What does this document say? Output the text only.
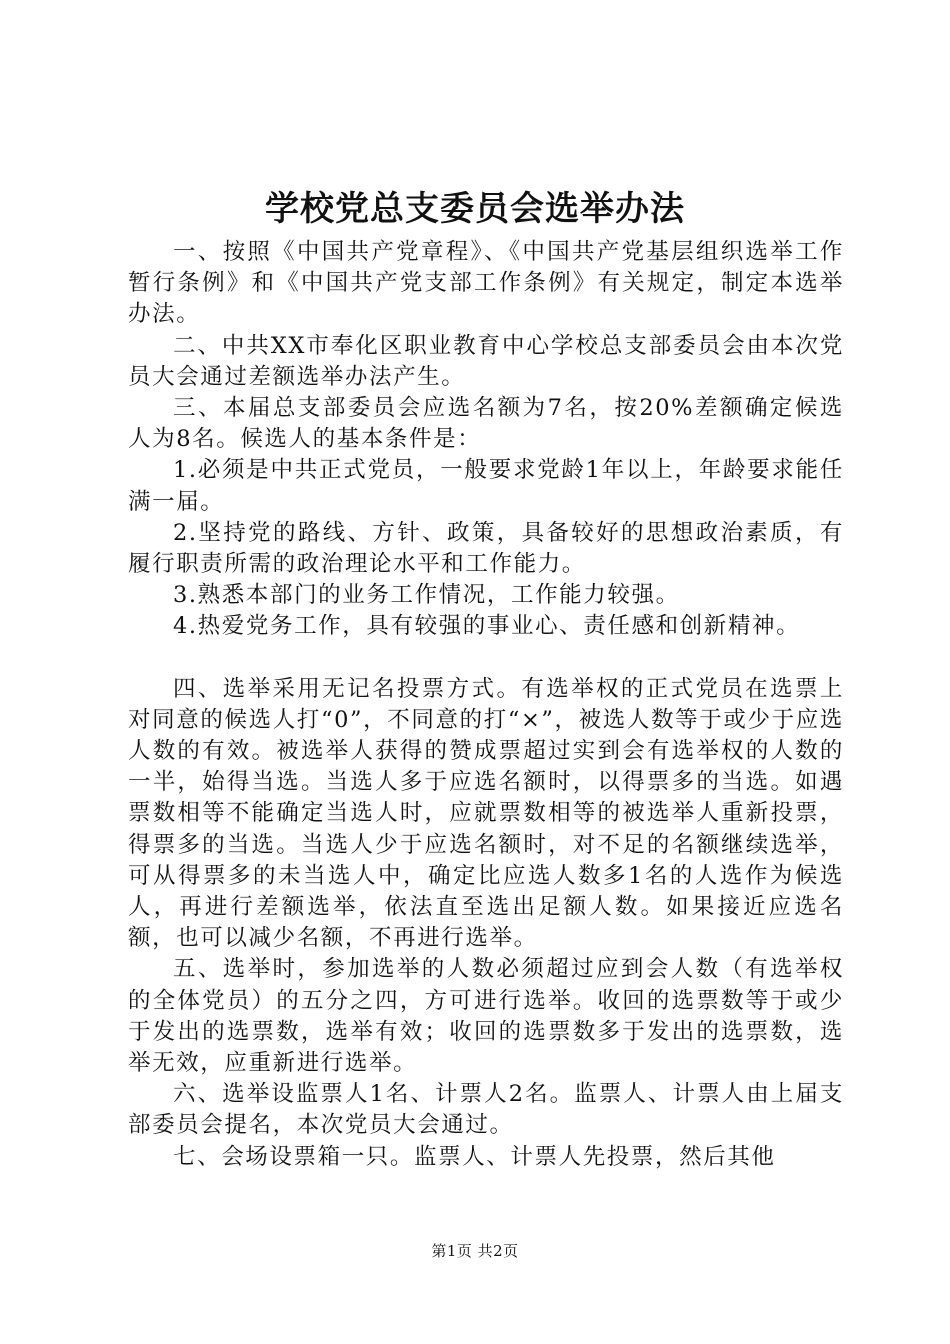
学校党总支委员会选举办法

一、按照《中国共产党章程》、《中国共产党基层组织选举工作暂行条例》和《中国共产党支部工作条例》有关规定，制定本选举办法。

二、中共XX市奉化区职业教育中心学校总支部委员会由本次党员大会通过差额选举办法产生。

三、本届总支部委员会应选名额为7名，按20%差额确定候选人为8名。候选人的基本条件是：

1.必须是中共正式党员，一般要求党龄1年以上，年龄要求能任满一届。

2.坚持党的路线、方针、政策，具备较好的思想政治素质，有履行职责所需的政治理论水平和工作能力。

3.熟悉本部门的业务工作情况，工作能力较强。

4.热爱党务工作，具有较强的事业心、责任感和创新精神。

四、选举采用无记名投票方式。有选举权的正式党员在选票上对同意的候选人打“0”，不同意的打“×”，被选人数等于或少于应选人数的有效。被选举人获得的赞成票超过实到会有选举权的人数的一半，始得当选。当选人多于应选名额时，以得票多的当选。如遇票数相等不能确定当选人时，应就票数相等的被选举人重新投票，得票多的当选。当选人少于应选名额时，对不足的名额继续选举，可从得票多的未当选人中，确定比应选人数多1名的人选作为候选人，再进行差额选举，依法直至选出足额人数。如果接近应选名额，也可以减少名额，不再进行选举。

五、选举时，参加选举的人数必须超过应到会人数（有选举权的全体党员）的五分之四，方可进行选举。收回的选票数等于或少于发出的选票数，选举有效；收回的选票数多于发出的选票数，选举无效，应重新进行选举。

六、选举设监票人1名、计票人2名。监票人、计票人由上届支部委员会提名，本次党员大会通过。

七、会场设票箱一只。监票人、计票人先投票，然后其他

第1页 共2页
